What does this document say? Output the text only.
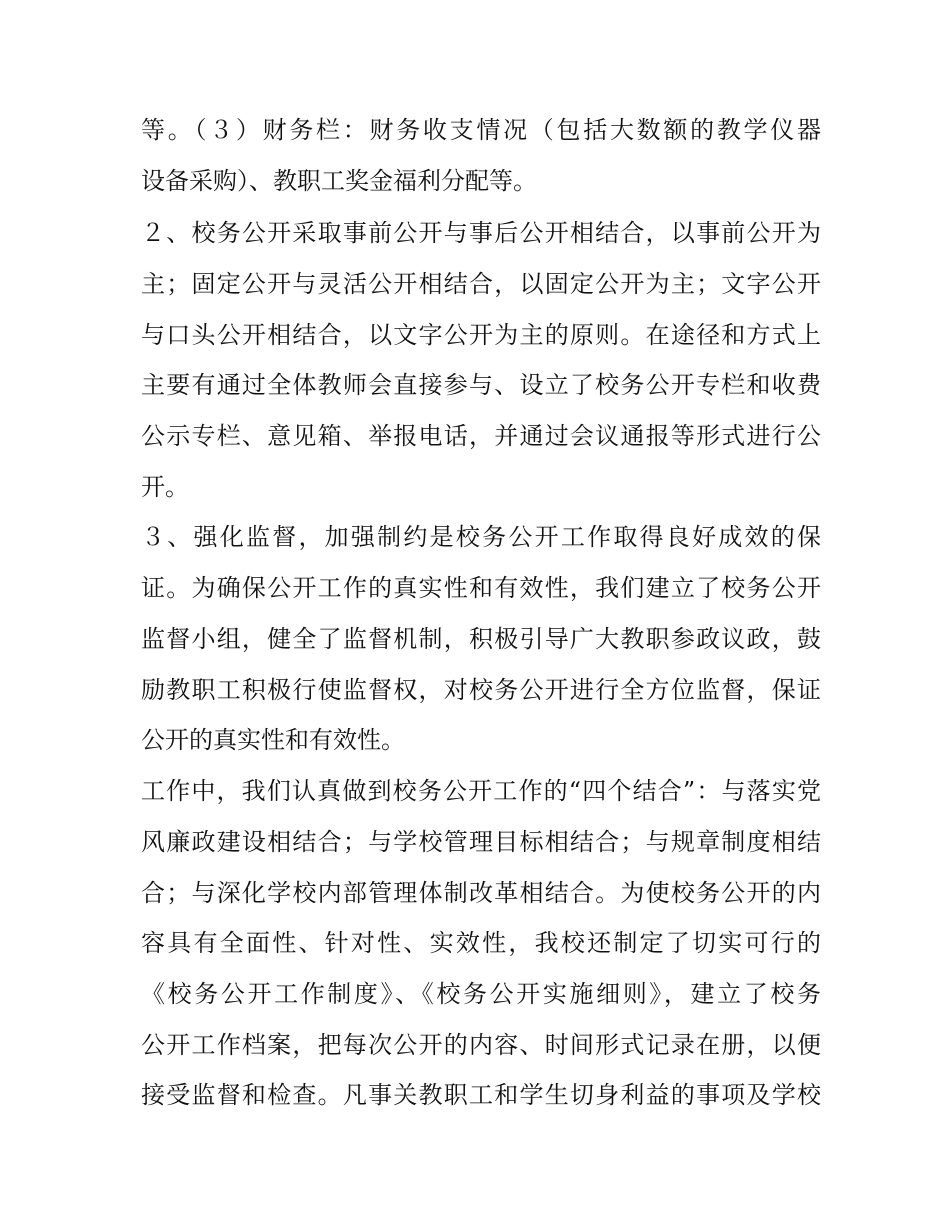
等。（３）财务栏：财务收支情况（包括大数额的教学仪器
设备采购）、教职工奖金福利分配等。
２、校务公开采取事前公开与事后公开相结合，以事前公开为
主；固定公开与灵活公开相结合，以固定公开为主；文字公开
与口头公开相结合，以文字公开为主的原则。在途径和方式上
主要有通过全体教师会直接参与、设立了校务公开专栏和收费
公示专栏、意见箱、举报电话，并通过会议通报等形式进行公
开。
３、强化监督，加强制约是校务公开工作取得良好成效的保
证。为确保公开工作的真实性和有效性，我们建立了校务公开
监督小组，健全了监督机制，积极引导广大教职参政议政，鼓
励教职工积极行使监督权，对校务公开进行全方位监督，保证
公开的真实性和有效性。
工作中，我们认真做到校务公开工作的“四个结合”：与落实党
风廉政建设相结合；与学校管理目标相结合；与规章制度相结
合；与深化学校内部管理体制改革相结合。为使校务公开的内
容具有全面性、针对性、实效性，我校还制定了切实可行的
《校务公开工作制度》、《校务公开实施细则》，建立了校务
公开工作档案，把每次公开的内容、时间形式记录在册，以便
接受监督和检查。凡事关教职工和学生切身利益的事项及学校
